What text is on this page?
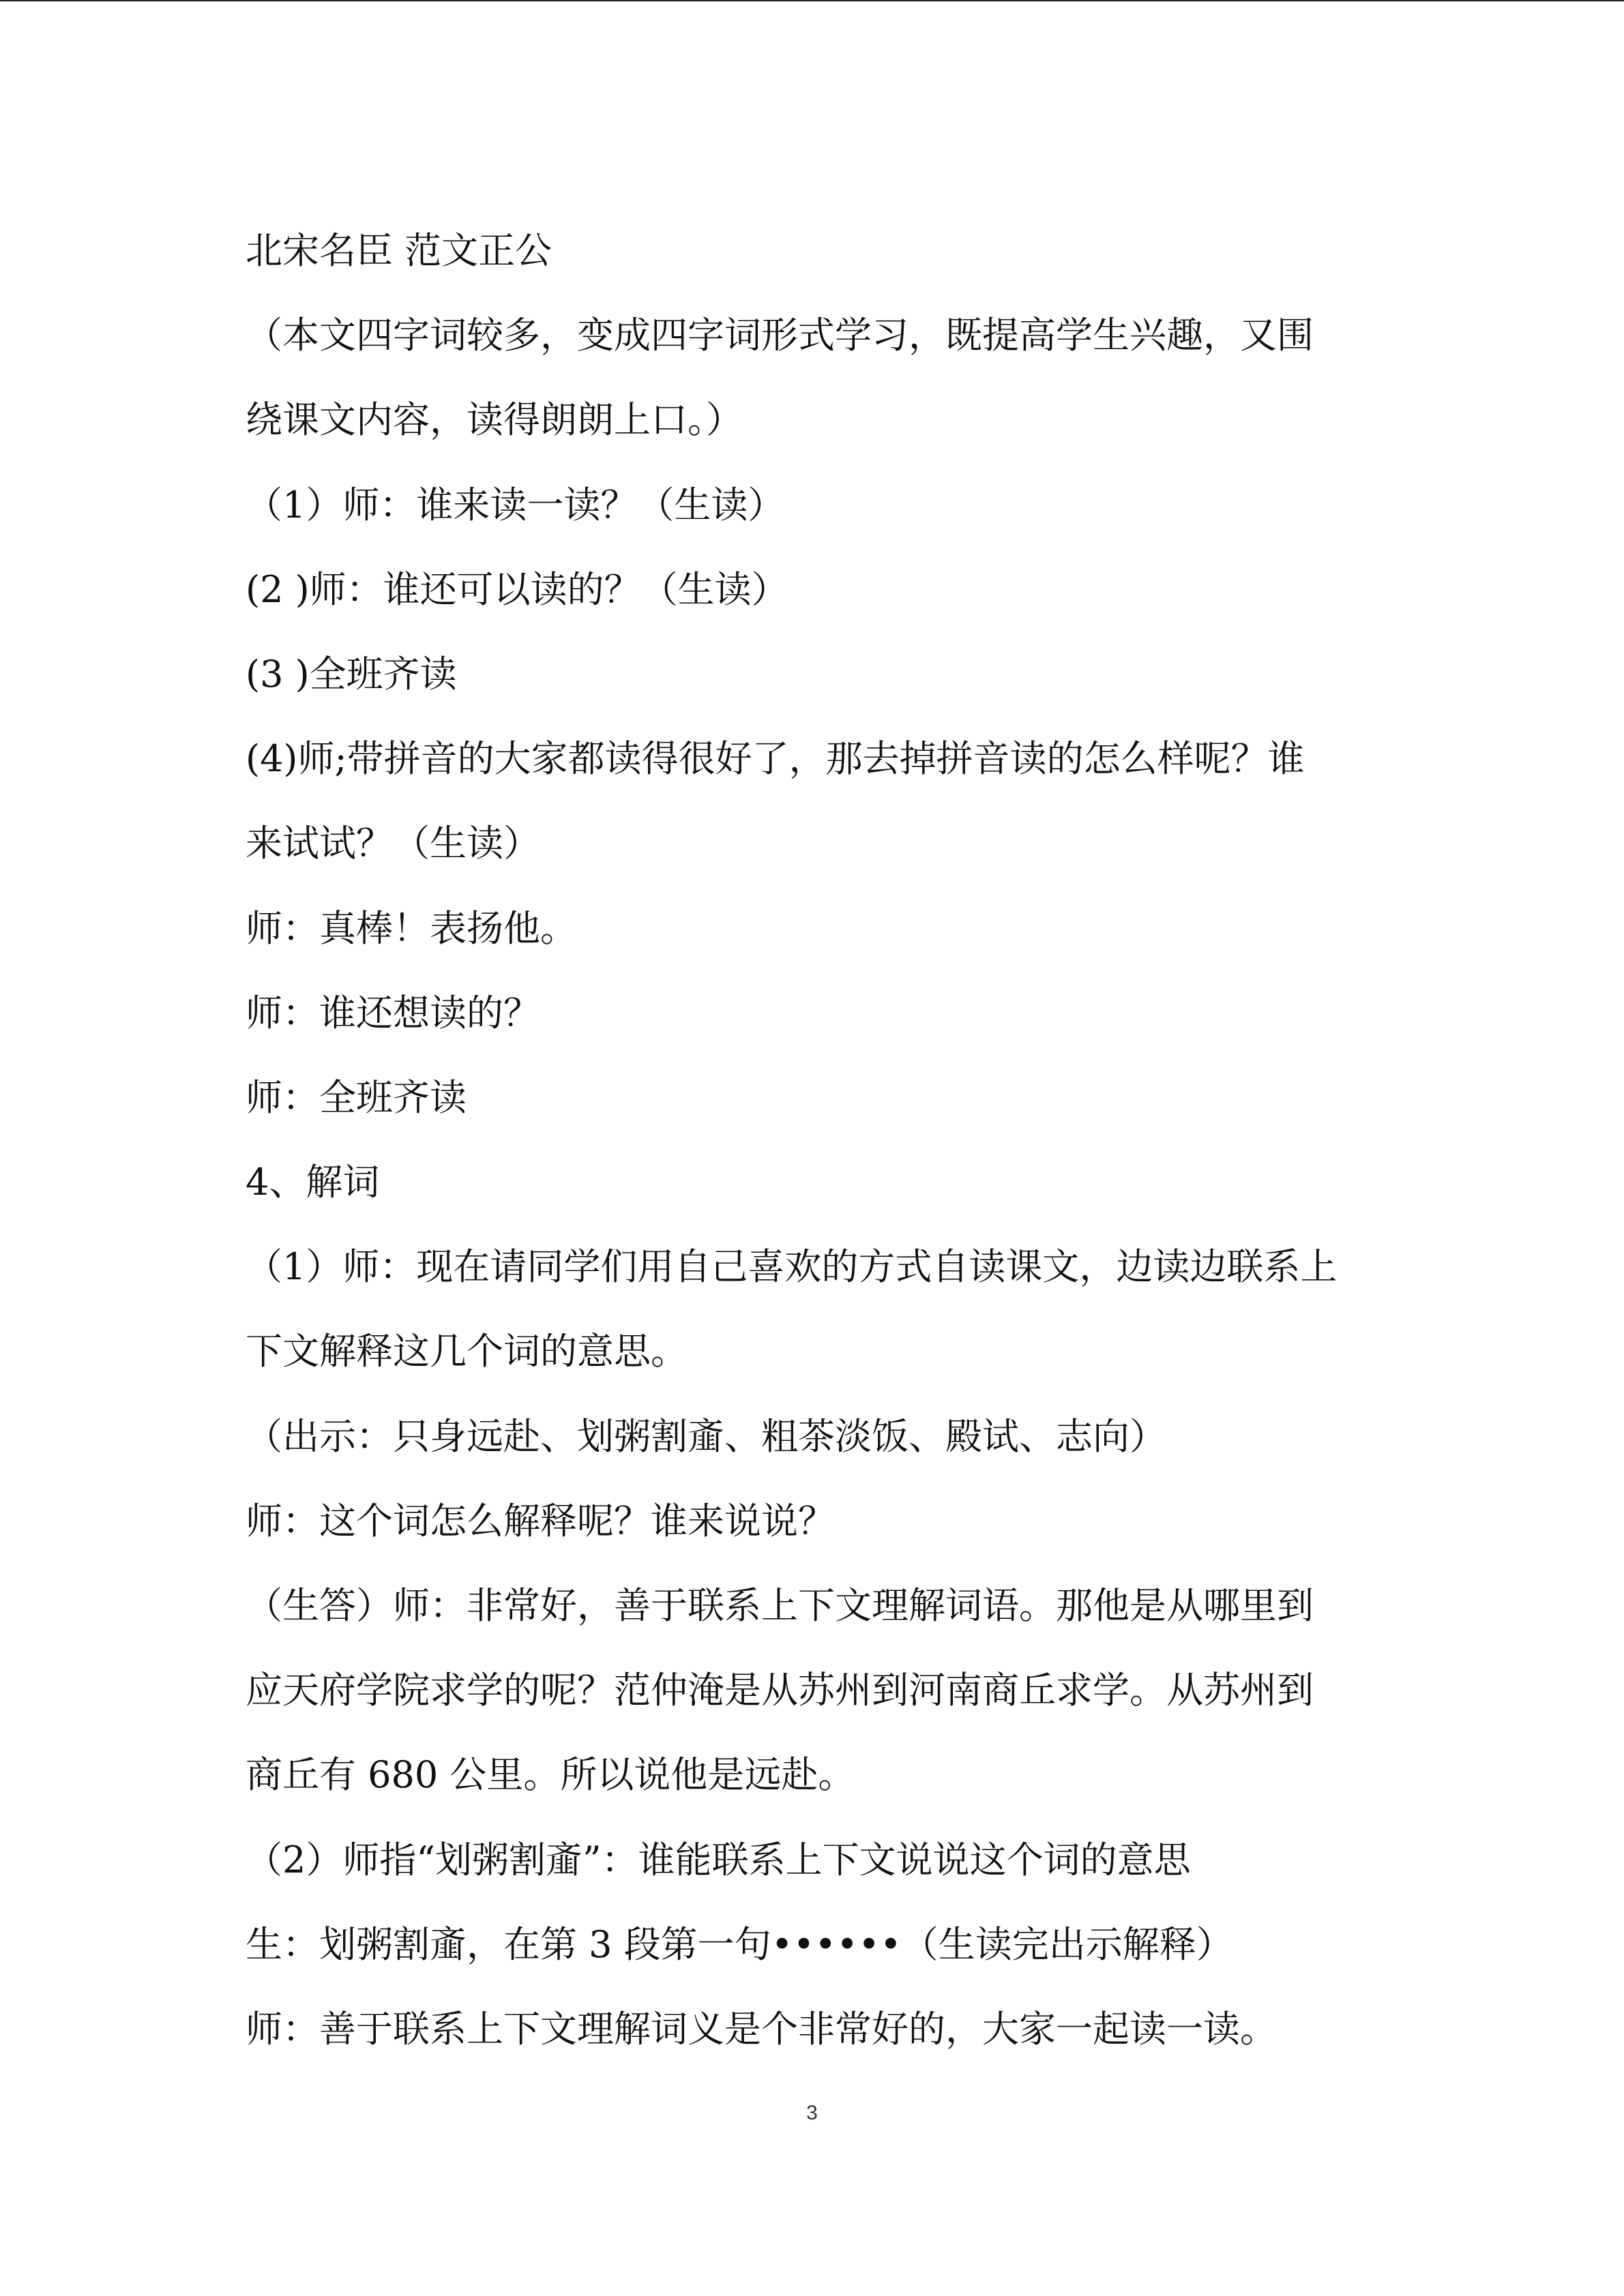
北宋名臣 范文正公
（本文四字词较多，变成四字词形式学习，既提高学生兴趣，又围
绕课文内容，读得朗朗上口。）
（1）师：谁来读一读？（生读）
(2 )师：谁还可以读的？（生读）
(3 )全班齐读
(4)师;带拼音的大家都读得很好了，那去掉拼音读的怎么样呢？谁
来试试？（生读）
师：真棒！表扬他。
师：谁还想读的？
师：全班齐读
4、解词
（1）师：现在请同学们用自己喜欢的方式自读课文，边读边联系上
下文解释这几个词的意思。
（出示：只身远赴、划粥割齑、粗茶淡饭、殿试、志向）
师：这个词怎么解释呢？谁来说说？
（生答）师：非常好，善于联系上下文理解词语。那他是从哪里到
应天府学院求学的呢？范仲淹是从苏州到河南商丘求学。从苏州到
商丘有 680 公里。所以说他是远赴。
（2）师指“划粥割齑”：谁能联系上下文说说这个词的意思
生：划粥割齑，在第 3 段第一句••••••（生读完出示解释）
师：善于联系上下文理解词义是个非常好的，大家一起读一读。
3
